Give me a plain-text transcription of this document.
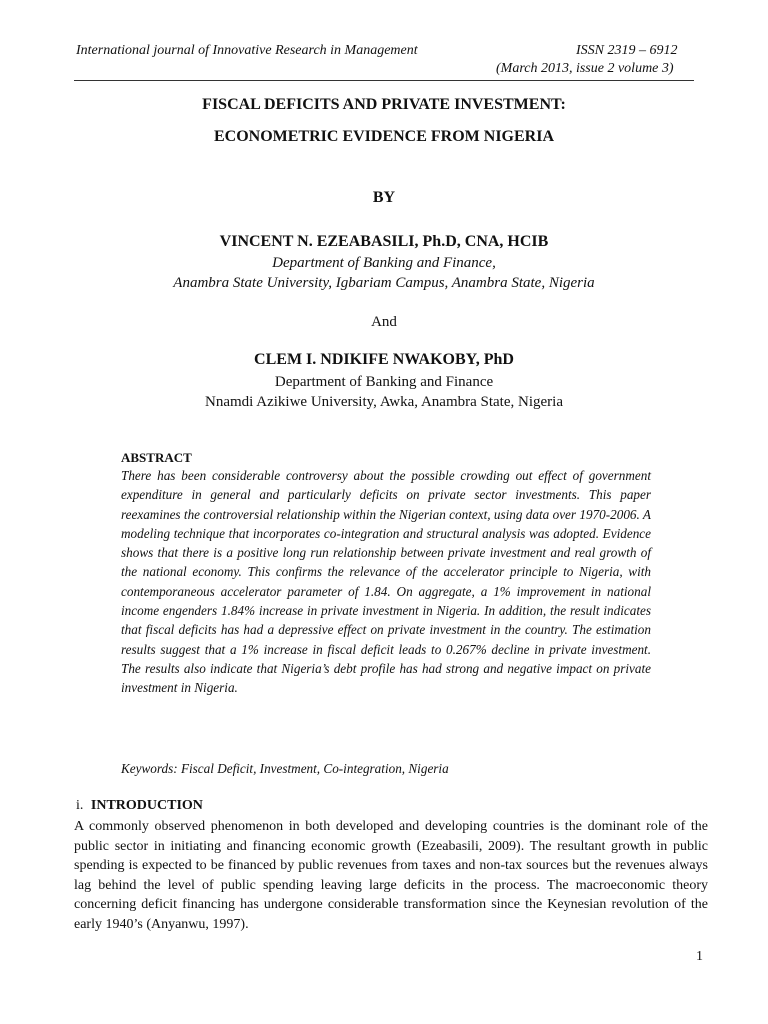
International journal of Innovative Research in Management	ISSN 2319 – 6912
(March 2013, issue 2 volume 3)
FISCAL DEFICITS AND PRIVATE INVESTMENT:
ECONOMETRIC EVIDENCE FROM NIGERIA
BY
VINCENT N. EZEABASILI, Ph.D, CNA, HCIB
Department of Banking and Finance,
Anambra State University, Igbariam Campus, Anambra State, Nigeria
And
CLEM I. NDIKIFE NWAKOBY, PhD
Department of Banking and Finance
Nnamdi Azikiwe University, Awka, Anambra State, Nigeria
ABSTRACT
There has been considerable controversy about the possible crowding out effect of government expenditure in general and particularly deficits on private sector investments. This paper reexamines the controversial relationship within the Nigerian context, using data over 1970-2006. A modeling technique that incorporates co-integration and structural analysis was adopted. Evidence shows that there is a positive long run relationship between private investment and real growth of the national economy. This confirms the relevance of the accelerator principle to Nigeria, with contemporaneous accelerator parameter of 1.84. On aggregate, a 1% improvement in national income engenders 1.84% increase in private investment in Nigeria. In addition, the result indicates that fiscal deficits has had a depressive effect on private investment in the country. The estimation results suggest that a 1% increase in fiscal deficit leads to 0.267% decline in private investment. The results also indicate that Nigeria’s debt profile has had strong and negative impact on private investment in Nigeria.
Keywords: Fiscal Deficit, Investment, Co-integration, Nigeria
i. INTRODUCTION
A commonly observed phenomenon in both developed and developing countries is the dominant role of the public sector in initiating and financing economic growth (Ezeabasili, 2009). The resultant growth in public spending is expected to be financed by public revenues from taxes and non-tax sources but the revenues always lag behind the level of public spending leaving large deficits in the process. The macroeconomic theory concerning deficit financing has undergone considerable transformation since the Keynesian revolution of the early 1940’s (Anyanwu, 1997).
1
